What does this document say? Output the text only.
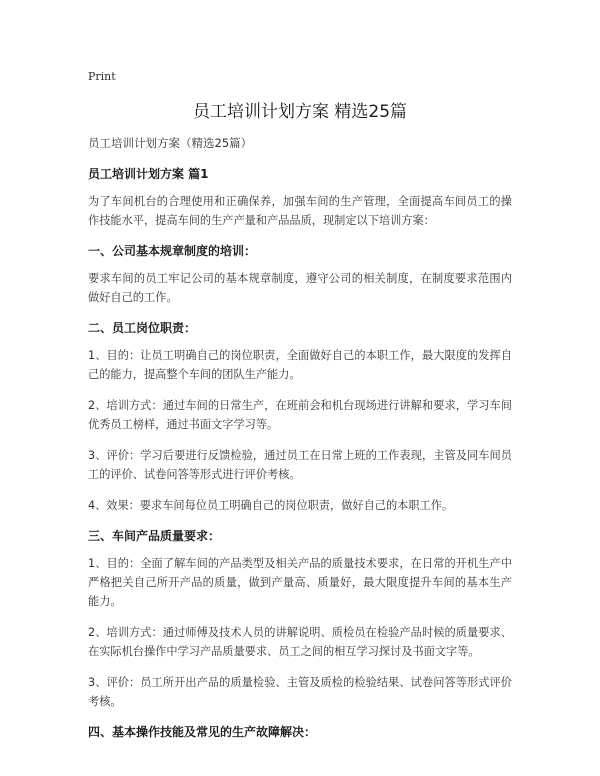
Print
员工培训计划方案 精选25篇
员工培训计划方案（精选25篇）
员工培训计划方案 篇1

为了车间机台的合理使用和正确保养，加强车间的生产管理，全面提高车间员工的操作技能水平，提高车间的生产产量和产品品质，现制定以下培训方案：

一、公司基本规章制度的培训：

要求车间的员工牢记公司的基本规章制度，遵守公司的相关制度，在制度要求范围内做好自己的工作。

二、员工岗位职责：

1、目的：让员工明确自己的岗位职责，全面做好自己的本职工作，最大限度的发挥自己的能力，提高整个车间的团队生产能力。

2、培训方式：通过车间的日常生产，在班前会和机台现场进行讲解和要求，学习车间优秀员工榜样，通过书面文字学习等。

3、评价：学习后要进行反馈检验，通过员工在日常上班的工作表现，主管及同车间员工的评价、试卷问答等形式进行评价考核。

4、效果：要求车间每位员工明确自己的岗位职责，做好自己的本职工作。

三、车间产品质量要求：

1、目的：全面了解车间的产品类型及相关产品的质量技术要求，在日常的开机生产中严格把关自己所开产品的质量，做到产量高、质量好，最大限度提升车间的基本生产能力。

2、培训方式：通过师傅及技术人员的讲解说明、质检员在检验产品时候的质量要求、在实际机台操作中学习产品质量要求、员工之间的相互学习探讨及书面文字等。

3、评价：员工所开出产品的质量检验、主管及质检的检验结果、试卷问答等形式评价考核。

四、基本操作技能及常见的生产故障解决：
